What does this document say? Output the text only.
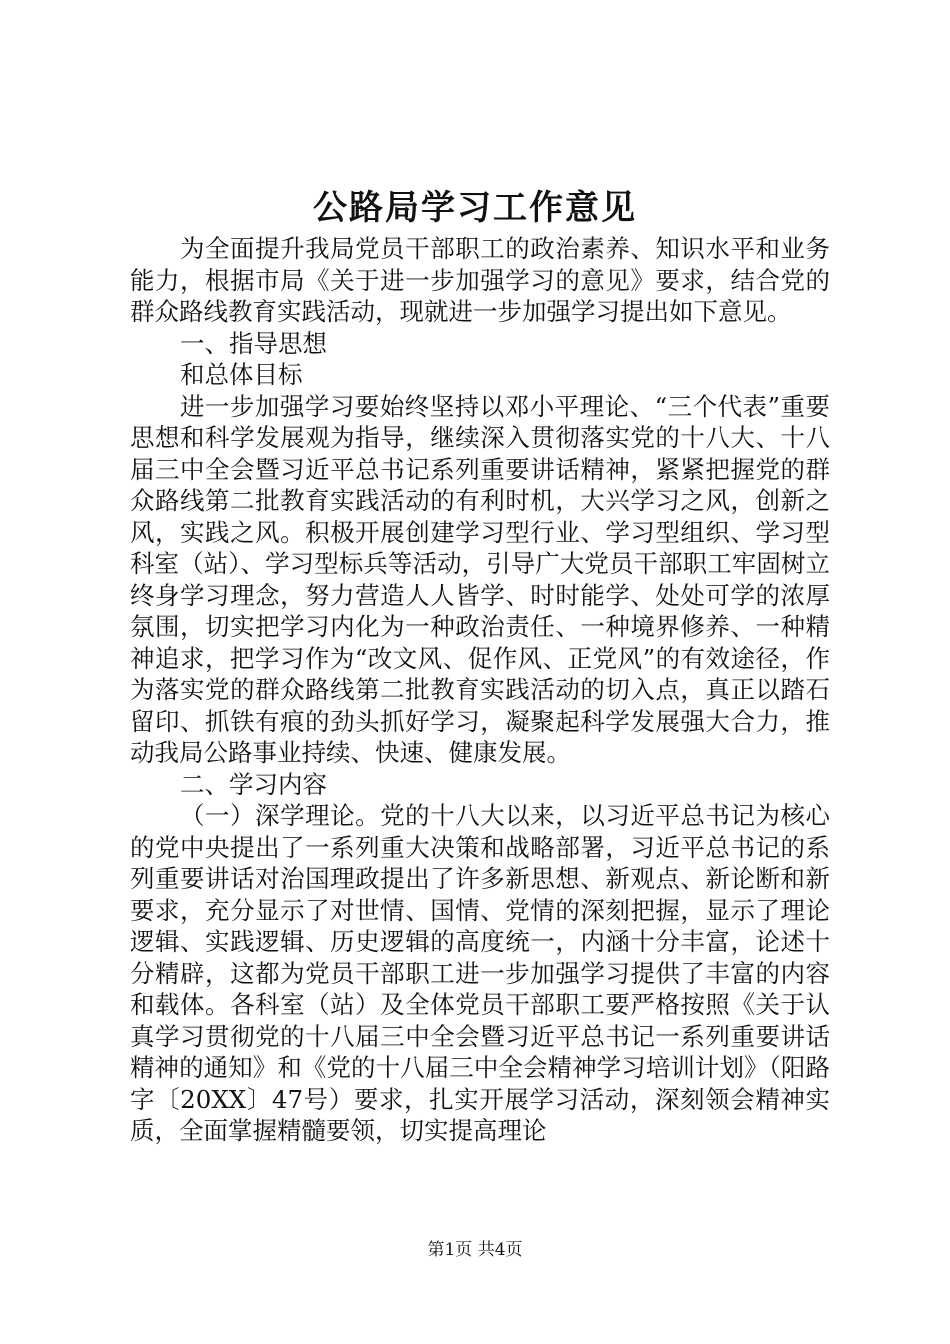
公路局学习工作意见

为全面提升我局党员干部职工的政治素养、知识水平和业务能力，根据市局《关于进一步加强学习的意见》要求，结合党的群众路线教育实践活动，现就进一步加强学习提出如下意见。

一、指导思想

和总体目标

进一步加强学习要始终坚持以邓小平理论、“三个代表”重要思想和科学发展观为指导，继续深入贯彻落实党的十八大、十八届三中全会暨习近平总书记系列重要讲话精神，紧紧把握党的群众路线第二批教育实践活动的有利时机，大兴学习之风，创新之风，实践之风。积极开展创建学习型行业、学习型组织、学习型科室（站）、学习型标兵等活动，引导广大党员干部职工牢固树立终身学习理念，努力营造人人皆学、时时能学、处处可学的浓厚氛围，切实把学习内化为一种政治责任、一种境界修养、一种精神追求，把学习作为“改文风、促作风、正党风”的有效途径，作为落实党的群众路线第二批教育实践活动的切入点，真正以踏石留印、抓铁有痕的劲头抓好学习，凝聚起科学发展强大合力，推动我局公路事业持续、快速、健康发展。

二、学习内容

（一）深学理论。党的十八大以来，以习近平总书记为核心的党中央提出了一系列重大决策和战略部署，习近平总书记的系列重要讲话对治国理政提出了许多新思想、新观点、新论断和新要求，充分显示了对世情、国情、党情的深刻把握，显示了理论逻辑、实践逻辑、历史逻辑的高度统一，内涵十分丰富，论述十分精辟，这都为党员干部职工进一步加强学习提供了丰富的内容和载体。各科室（站）及全体党员干部职工要严格按照《关于认真学习贯彻党的十八届三中全会暨习近平总书记一系列重要讲话精神的通知》和《党的十八届三中全会精神学习培训计划》（阳路字〔20XX〕47号）要求，扎实开展学习活动，深刻领会精神实质，全面掌握精髓要领，切实提高理论

第1页 共4页
